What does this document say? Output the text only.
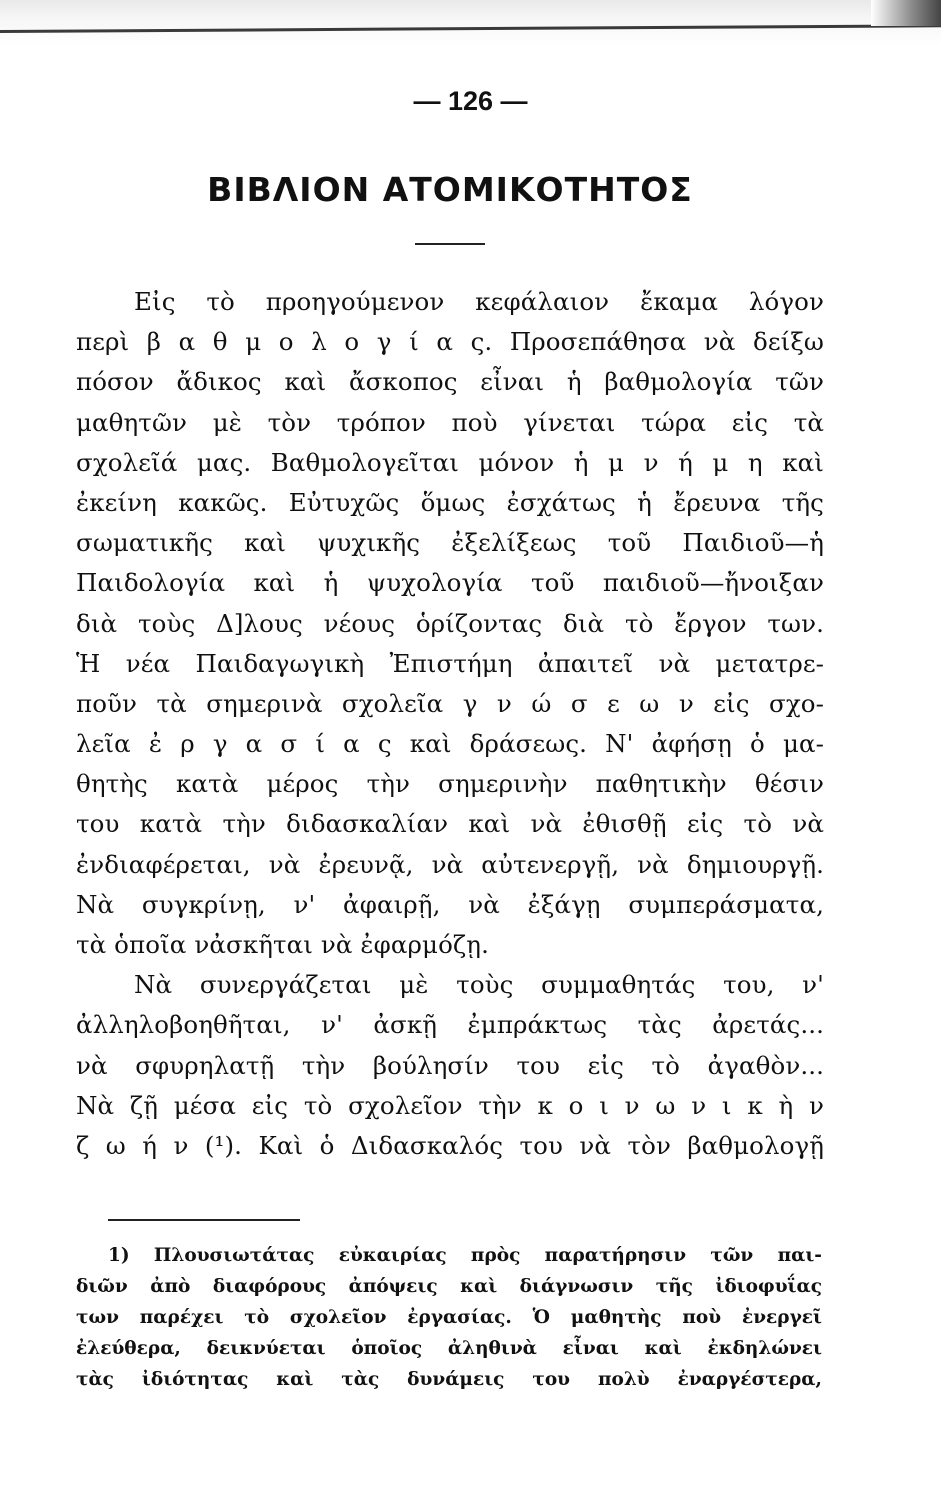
— 126 —
ΒΙΒΛΙΟΝ ΑΤΟΜΙΚΟΤΗΤΟΣ
Εἰς τὸ προηγούμενον κεφάλαιον ἔκαμα λόγον
περὶ β α θ μ ο λ ο γ ί α ς. Προσεπάθησα νὰ δείξω
πόσον ἄδικος καὶ ἄσκοπος εἶναι ἡ βαθμολογία τῶν
μαθητῶν μὲ τὸν τρόπον ποὺ γίνεται τώρα εἰς τὰ
σχολεῖά μας. Βαθμολογεῖται μόνον ἡ μ ν ή μ η καὶ
ἐκείνη κακῶς. Εὐτυχῶς ὅμως ἐσχάτως ἡ ἔρευνα τῆς
σωματικῆς καὶ ψυχικῆς ἐξελίξεως τοῦ Παιδιοῦ—ἡ
Παιδολογία καὶ ἡ ψυχολογία τοῦ παιδιοῦ—ἤνοιξαν
διὰ τοὺς Δ]λους νέους ὁρίζοντας διὰ τὸ ἔργον των.
Ἡ νέα Παιδαγωγικὴ Ἐπιστήμη ἀπαιτεῖ νὰ μετατρε-
ποῦν τὰ σημερινὰ σχολεῖα γ ν ώ σ ε ω ν εἰς σχο-
λεῖα ἐ ρ γ α σ ί α ς καὶ δράσεως. Ν' ἀφήσῃ ὁ μα-
θητὴς κατὰ μέρος τὴν σημερινὴν παθητικὴν θέσιν
του κατὰ τὴν διδασκαλίαν καὶ νὰ ἐθισθῇ εἰς τὸ νὰ
ἐνδιαφέρεται, νὰ ἐρευνᾷ, νὰ αὐτενεργῇ, νὰ δημιουργῇ.
Νὰ συγκρίνῃ, ν' ἀφαιρῇ, νὰ ἐξάγῃ συμπεράσματα,
τὰ ὁποῖα νἀσκῆται νὰ ἐφαρμόζῃ.
Νὰ συνεργάζεται μὲ τοὺς συμμαθητάς του, ν'
ἀλληλοβοηθῆται, ν' ἀσκῇ ἐμπράκτως τὰς ἀρετάς...
νὰ σφυρηλατῇ τὴν βούλησίν του εἰς τὸ ἀγαθὸν...
Νὰ ζῇ μέσα εἰς τὸ σχολεῖον τὴν κ ο ι ν ω ν ι κ ὴ ν
ζ ω ή ν (¹). Καὶ ὁ Διδασκαλός του νὰ τὸν βαθμολογῇ
1) Πλουσιωτάτας εὐκαιρίας πρὸς παρατήρησιν τῶν παι-
διῶν ἀπὸ διαφόρους ἀπόψεις καὶ διάγνωσιν τῆς ἰδιοφυΐας
των παρέχει τὸ σχολεῖον ἐργασίας. Ὁ μαθητὴς ποὺ ἐνεργεῖ
ἐλεύθερα, δεικνύεται ὁποῖος ἀληθινὰ εἶναι καὶ ἐκδηλώνει
τὰς ἰδιότητας καὶ τὰς δυνάμεις του πολὺ ἐναργέστερα,
